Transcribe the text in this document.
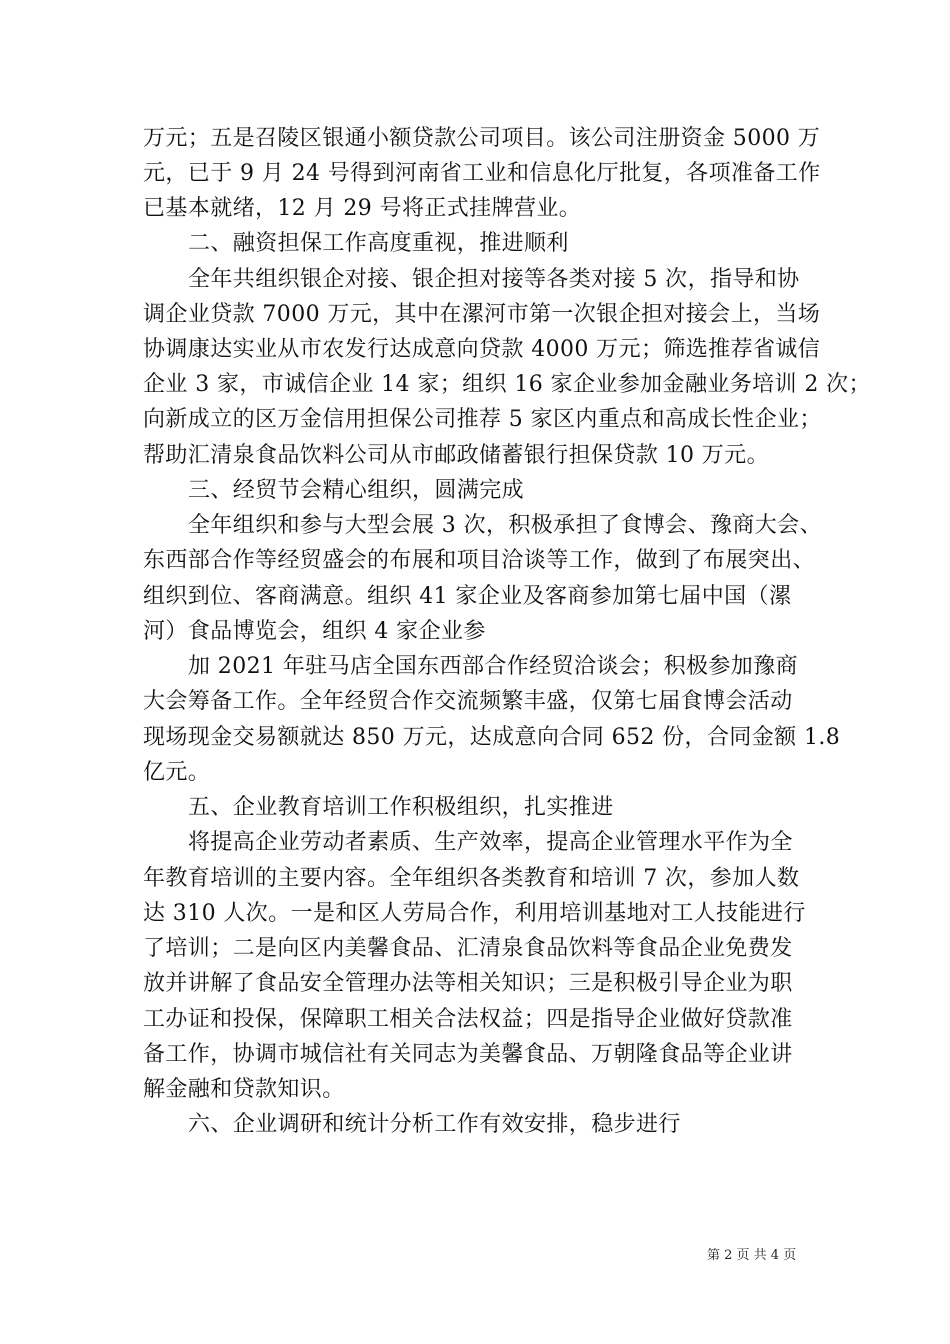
万元；五是召陵区银通小额贷款公司项目。该公司注册资金 5000 万
元，已于 9 月 24 号得到河南省工业和信息化厅批复，各项准备工作
已基本就绪，12 月 29 号将正式挂牌营业。
二、融资担保工作高度重视，推进顺利
全年共组织银企对接、银企担对接等各类对接 5 次，指导和协
调企业贷款 7000 万元，其中在漯河市第一次银企担对接会上，当场
协调康达实业从市农发行达成意向贷款 4000 万元；筛选推荐省诚信
企业 3 家，市诚信企业 14 家；组织 16 家企业参加金融业务培训 2 次；
向新成立的区万金信用担保公司推荐 5 家区内重点和高成长性企业；
帮助汇清泉食品饮料公司从市邮政储蓄银行担保贷款 10 万元。
三、经贸节会精心组织，圆满完成
全年组织和参与大型会展 3 次，积极承担了食博会、豫商大会、
东西部合作等经贸盛会的布展和项目洽谈等工作，做到了布展突出、
组织到位、客商满意。组织 41 家企业及客商参加第七届中国（漯
河）食品博览会，组织 4 家企业参
加 2021 年驻马店全国东西部合作经贸洽谈会；积极参加豫商
大会筹备工作。全年经贸合作交流频繁丰盛，仅第七届食博会活动
现场现金交易额就达 850 万元，达成意向合同 652 份，合同金额 1.8
亿元。
五、企业教育培训工作积极组织，扎实推进
将提高企业劳动者素质、生产效率，提高企业管理水平作为全
年教育培训的主要内容。全年组织各类教育和培训 7 次，参加人数
达 310 人次。一是和区人劳局合作，利用培训基地对工人技能进行
了培训；二是向区内美馨食品、汇清泉食品饮料等食品企业免费发
放并讲解了食品安全管理办法等相关知识；三是积极引导企业为职
工办证和投保，保障职工相关合法权益；四是指导企业做好贷款准
备工作，协调市城信社有关同志为美馨食品、万朝隆食品等企业讲
解金融和贷款知识。
六、企业调研和统计分析工作有效安排，稳步进行
第 2 页 共 4 页
